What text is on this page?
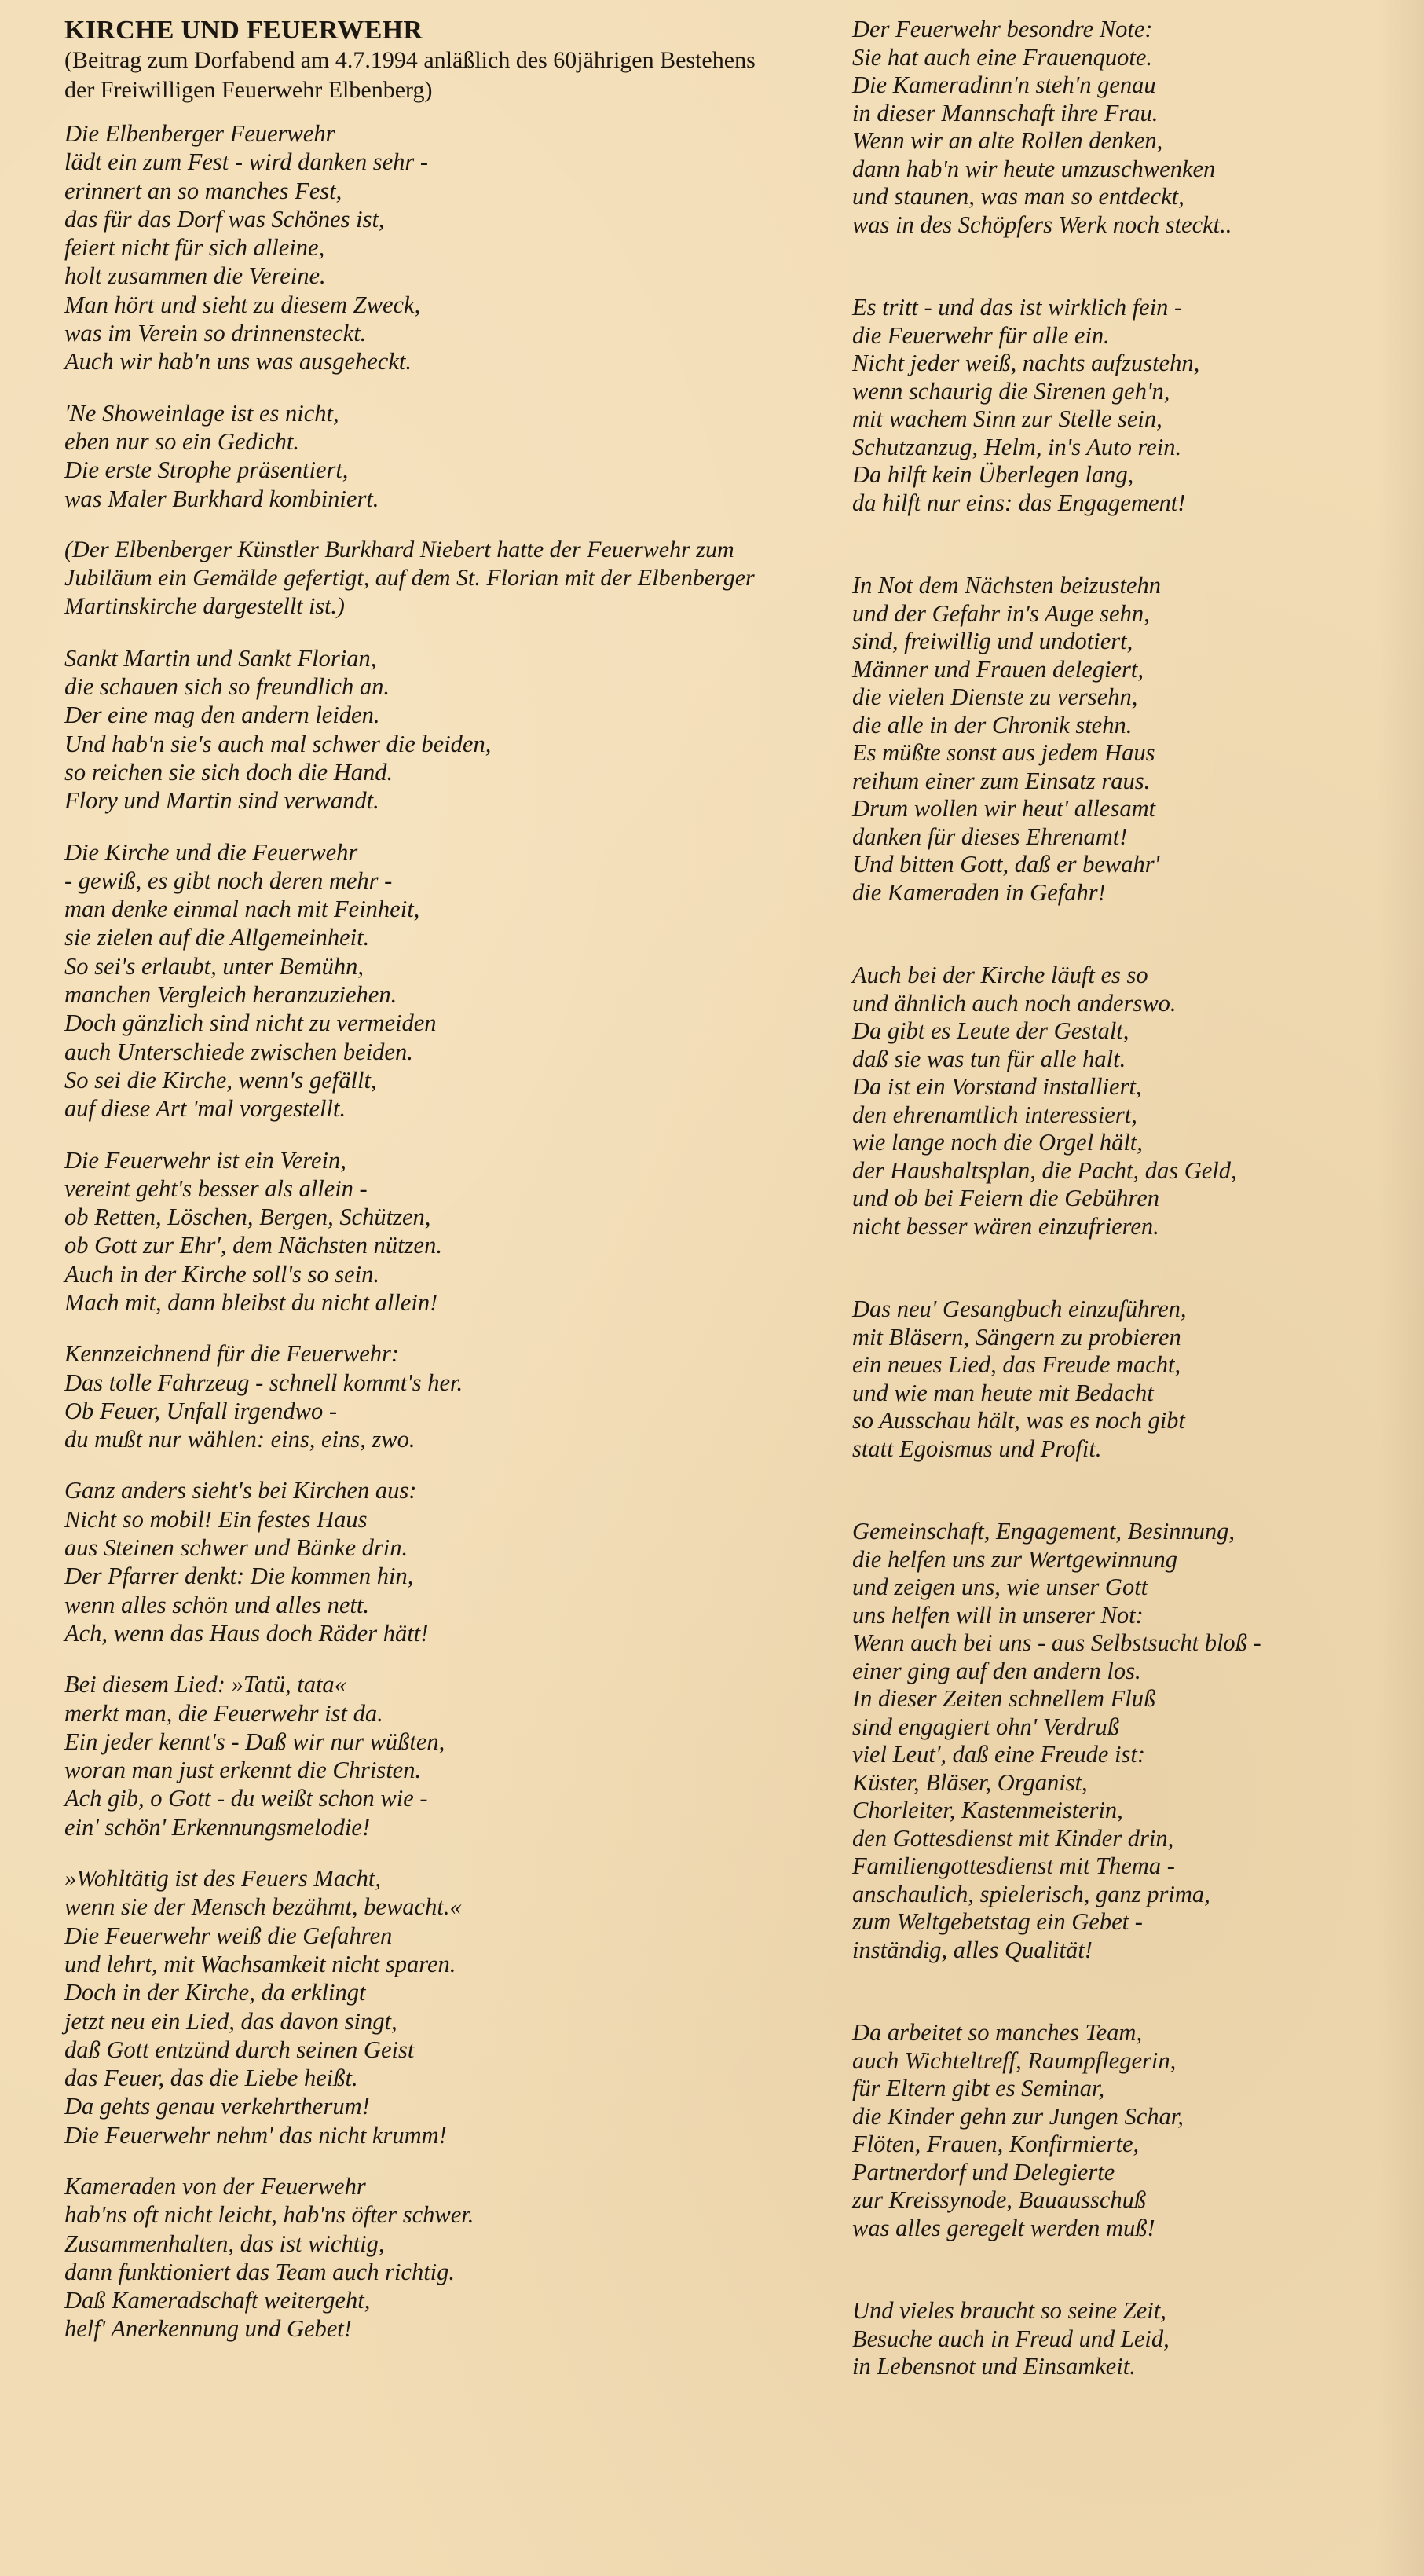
KIRCHE UND FEUERWEHR

(Beitrag zum Dorfabend am 4.7.1994 anläßlich des 60jährigen Bestehens
der Freiwilligen Feuerwehr Elbenberg)

Die Elbenberger Feuerwehr
lädt ein zum Fest - wird danken sehr -
erinnert an so manches Fest,
das für das Dorf was Schönes ist,
feiert nicht für sich alleine,
holt zusammen die Vereine.
Man hört und sieht zu diesem Zweck,
was im Verein so drinnensteckt.
Auch wir hab'n uns was ausgeheckt.

'Ne Showeinlage ist es nicht,
eben nur so ein Gedicht.
Die erste Strophe präsentiert,
was Maler Burkhard kombiniert.

(Der Elbenberger Künstler Burkhard Niebert hatte der Feuerwehr zum
Jubiläum ein Gemälde gefertigt, auf dem St. Florian mit der Elbenberger
Martinskirche dargestellt ist.)

Sankt Martin und Sankt Florian,
die schauen sich so freundlich an.
Der eine mag den andern leiden.
Und hab'n sie's auch mal schwer die beiden,
so reichen sie sich doch die Hand.
Flory und Martin sind verwandt.

Die Kirche und die Feuerwehr
- gewiß, es gibt noch deren mehr -
man denke einmal nach mit Feinheit,
sie zielen auf die Allgemeinheit.
So sei's erlaubt, unter Bemühn,
manchen Vergleich heranzuziehen.
Doch gänzlich sind nicht zu vermeiden
auch Unterschiede zwischen beiden.
So sei die Kirche, wenn's gefällt,
auf diese Art 'mal vorgestellt.

Die Feuerwehr ist ein Verein,
vereint geht's besser als allein -
ob Retten, Löschen, Bergen, Schützen,
ob Gott zur Ehr', dem Nächsten nützen.
Auch in der Kirche soll's so sein.
Mach mit, dann bleibst du nicht allein!

Kennzeichnend für die Feuerwehr:
Das tolle Fahrzeug - schnell kommt's her.
Ob Feuer, Unfall irgendwo -
du mußt nur wählen: eins, eins, zwo.

Ganz anders sieht's bei Kirchen aus:
Nicht so mobil! Ein festes Haus
aus Steinen schwer und Bänke drin.
Der Pfarrer denkt: Die kommen hin,
wenn alles schön und alles nett.
Ach, wenn das Haus doch Räder hätt!

Bei diesem Lied: »Tatü, tata«
merkt man, die Feuerwehr ist da.
Ein jeder kennt's - Daß wir nur wüßten,
woran man just erkennt die Christen.
Ach gib, o Gott - du weißt schon wie -
ein' schön' Erkennungsmelodie!

»Wohltätig ist des Feuers Macht,
wenn sie der Mensch bezähmt, bewacht.«
Die Feuerwehr weiß die Gefahren
und lehrt, mit Wachsamkeit nicht sparen.
Doch in der Kirche, da erklingt
jetzt neu ein Lied, das davon singt,
daß Gott entzünd durch seinen Geist
das Feuer, das die Liebe heißt.
Da gehts genau verkehrtherum!
Die Feuerwehr nehm' das nicht krumm!

Kameraden von der Feuerwehr
hab'ns oft nicht leicht, hab'ns öfter schwer.
Zusammenhalten, das ist wichtig,
dann funktioniert das Team auch richtig.
Daß Kameradschaft weitergeht,
helf' Anerkennung und Gebet!

Der Feuerwehr besondre Note:
Sie hat auch eine Frauenquote.
Die Kameradinn'n steh'n genau
in dieser Mannschaft ihre Frau.
Wenn wir an alte Rollen denken,
dann hab'n wir heute umzuschwenken
und staunen, was man so entdeckt,
was in des Schöpfers Werk noch steckt..

Es tritt - und das ist wirklich fein -
die Feuerwehr für alle ein.
Nicht jeder weiß, nachts aufzustehn,
wenn schaurig die Sirenen geh'n,
mit wachem Sinn zur Stelle sein,
Schutzanzug, Helm, in's Auto rein.
Da hilft kein Überlegen lang,
da hilft nur eins: das Engagement!

In Not dem Nächsten beizustehn
und der Gefahr in's Auge sehn,
sind, freiwillig und undotiert,
Männer und Frauen delegiert,
die vielen Dienste zu versehn,
die alle in der Chronik stehn.
Es müßte sonst aus jedem Haus
reihum einer zum Einsatz raus.
Drum wollen wir heut' allesamt
danken für dieses Ehrenamt!
Und bitten Gott, daß er bewahr'
die Kameraden in Gefahr!

Auch bei der Kirche läuft es so
und ähnlich auch noch anderswo.
Da gibt es Leute der Gestalt,
daß sie was tun für alle halt.
Da ist ein Vorstand installiert,
den ehrenamtlich interessiert,
wie lange noch die Orgel hält,
der Haushaltsplan, die Pacht, das Geld,
und ob bei Feiern die Gebühren
nicht besser wären einzufrieren.

Das neu' Gesangbuch einzuführen,
mit Bläsern, Sängern zu probieren
ein neues Lied, das Freude macht,
und wie man heute mit Bedacht
so Ausschau hält, was es noch gibt
statt Egoismus und Profit.

Gemeinschaft, Engagement, Besinnung,
die helfen uns zur Wertgewinnung
und zeigen uns, wie unser Gott
uns helfen will in unserer Not:
Wenn auch bei uns - aus Selbstsucht bloß -
einer ging auf den andern los.
In dieser Zeiten schnellem Fluß
sind engagiert ohn' Verdruß
viel Leut', daß eine Freude ist:
Küster, Bläser, Organist,
Chorleiter, Kastenmeisterin,
den Gottesdienst mit Kinder drin,
Familiengottesdienst mit Thema -
anschaulich, spielerisch, ganz prima,
zum Weltgebetstag ein Gebet -
inständig, alles Qualität!

Da arbeitet so manches Team,
auch Wichteltreff, Raumpflegerin,
für Eltern gibt es Seminar,
die Kinder gehn zur Jungen Schar,
Flöten, Frauen, Konfirmierte,
Partnerdorf und Delegierte
zur Kreissynode, Bauausschuß
was alles geregelt werden muß!

Und vieles braucht so seine Zeit,
Besuche auch in Freud und Leid,
in Lebensnot und Einsamkeit.
